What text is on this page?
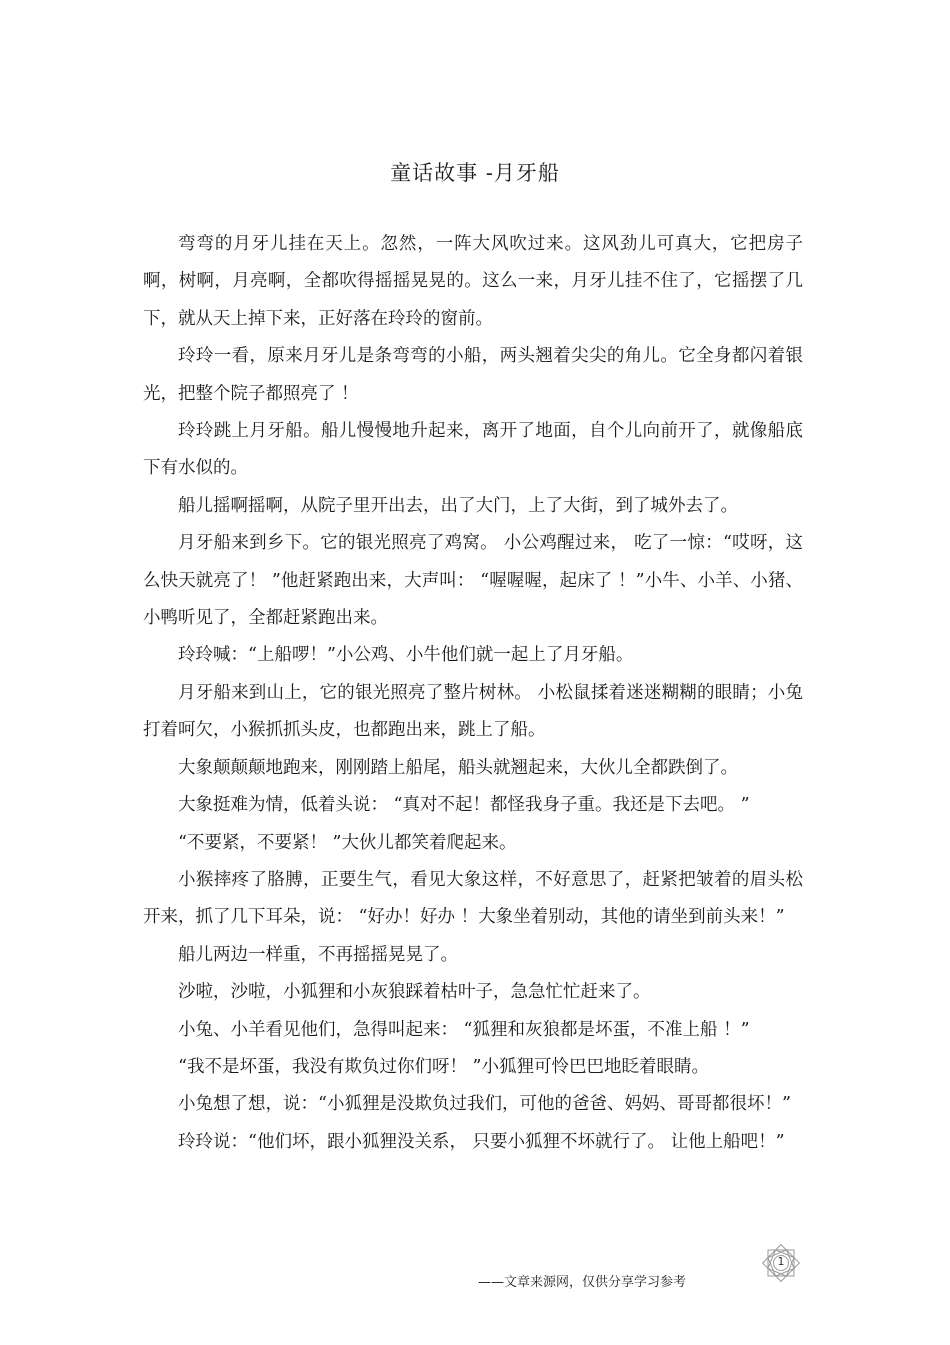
童话故事 -月牙船

弯弯的月牙儿挂在天上。忽然，一阵大风吹过来。这风劲儿可真大，它把房子啊，树啊，月亮啊，全都吹得摇摇晃晃的。这么一来，月牙儿挂不住了，它摇摆了几下，就从天上掉下来，正好落在玲玲的窗前。

玲玲一看，原来月牙儿是条弯弯的小船，两头翘着尖尖的角儿。它全身都闪着银光，把整个院子都照亮了 ！

玲玲跳上月牙船。船儿慢慢地升起来，离开了地面，自个儿向前开了，就像船底下有水似的。

船儿摇啊摇啊，从院子里开出去，出了大门，上了大街，到了城外去了。

月牙船来到乡下。它的银光照亮了鸡窝。 小公鸡醒过来， 吃了一惊：“哎呀，这么快天就亮了！ ”他赶紧跑出来，大声叫： “喔喔喔，起床了 ！”小牛、小羊、小猪、小鸭听见了，全都赶紧跑出来。

玲玲喊：“上船啰！”小公鸡、小牛他们就一起上了月牙船。

月牙船来到山上，它的银光照亮了整片树林。 小松鼠揉着迷迷糊糊的眼睛；小兔打着呵欠，小猴抓抓头皮，也都跑出来，跳上了船。

大象颠颠颠地跑来，刚刚踏上船尾，船头就翘起来，大伙儿全都跌倒了。

大象挺难为情，低着头说： “真对不起！都怪我身子重。我还是下去吧。 ”

“不要紧，不要紧！ ”大伙儿都笑着爬起来。

小猴摔疼了胳膊，正要生气，看见大象这样，不好意思了，赶紧把皱着的眉头松开来，抓了几下耳朵，说： “好办！好办 ！大象坐着别动，其他的请坐到前头来！”

船儿两边一样重，不再摇摇晃晃了。

沙啦，沙啦，小狐狸和小灰狼踩着枯叶子，急急忙忙赶来了。

小兔、小羊看见他们，急得叫起来： “狐狸和灰狼都是坏蛋，不准上船 ！”

“我不是坏蛋，我没有欺负过你们呀！ ”小狐狸可怜巴巴地眨着眼睛。

小兔想了想，说：“小狐狸是没欺负过我们，可他的爸爸、妈妈、哥哥都很坏！”

玲玲说：“他们坏，跟小狐狸没关系， 只要小狐狸不坏就行了。 让他上船吧！”

——文章来源网，仅供分享学习参考
1
